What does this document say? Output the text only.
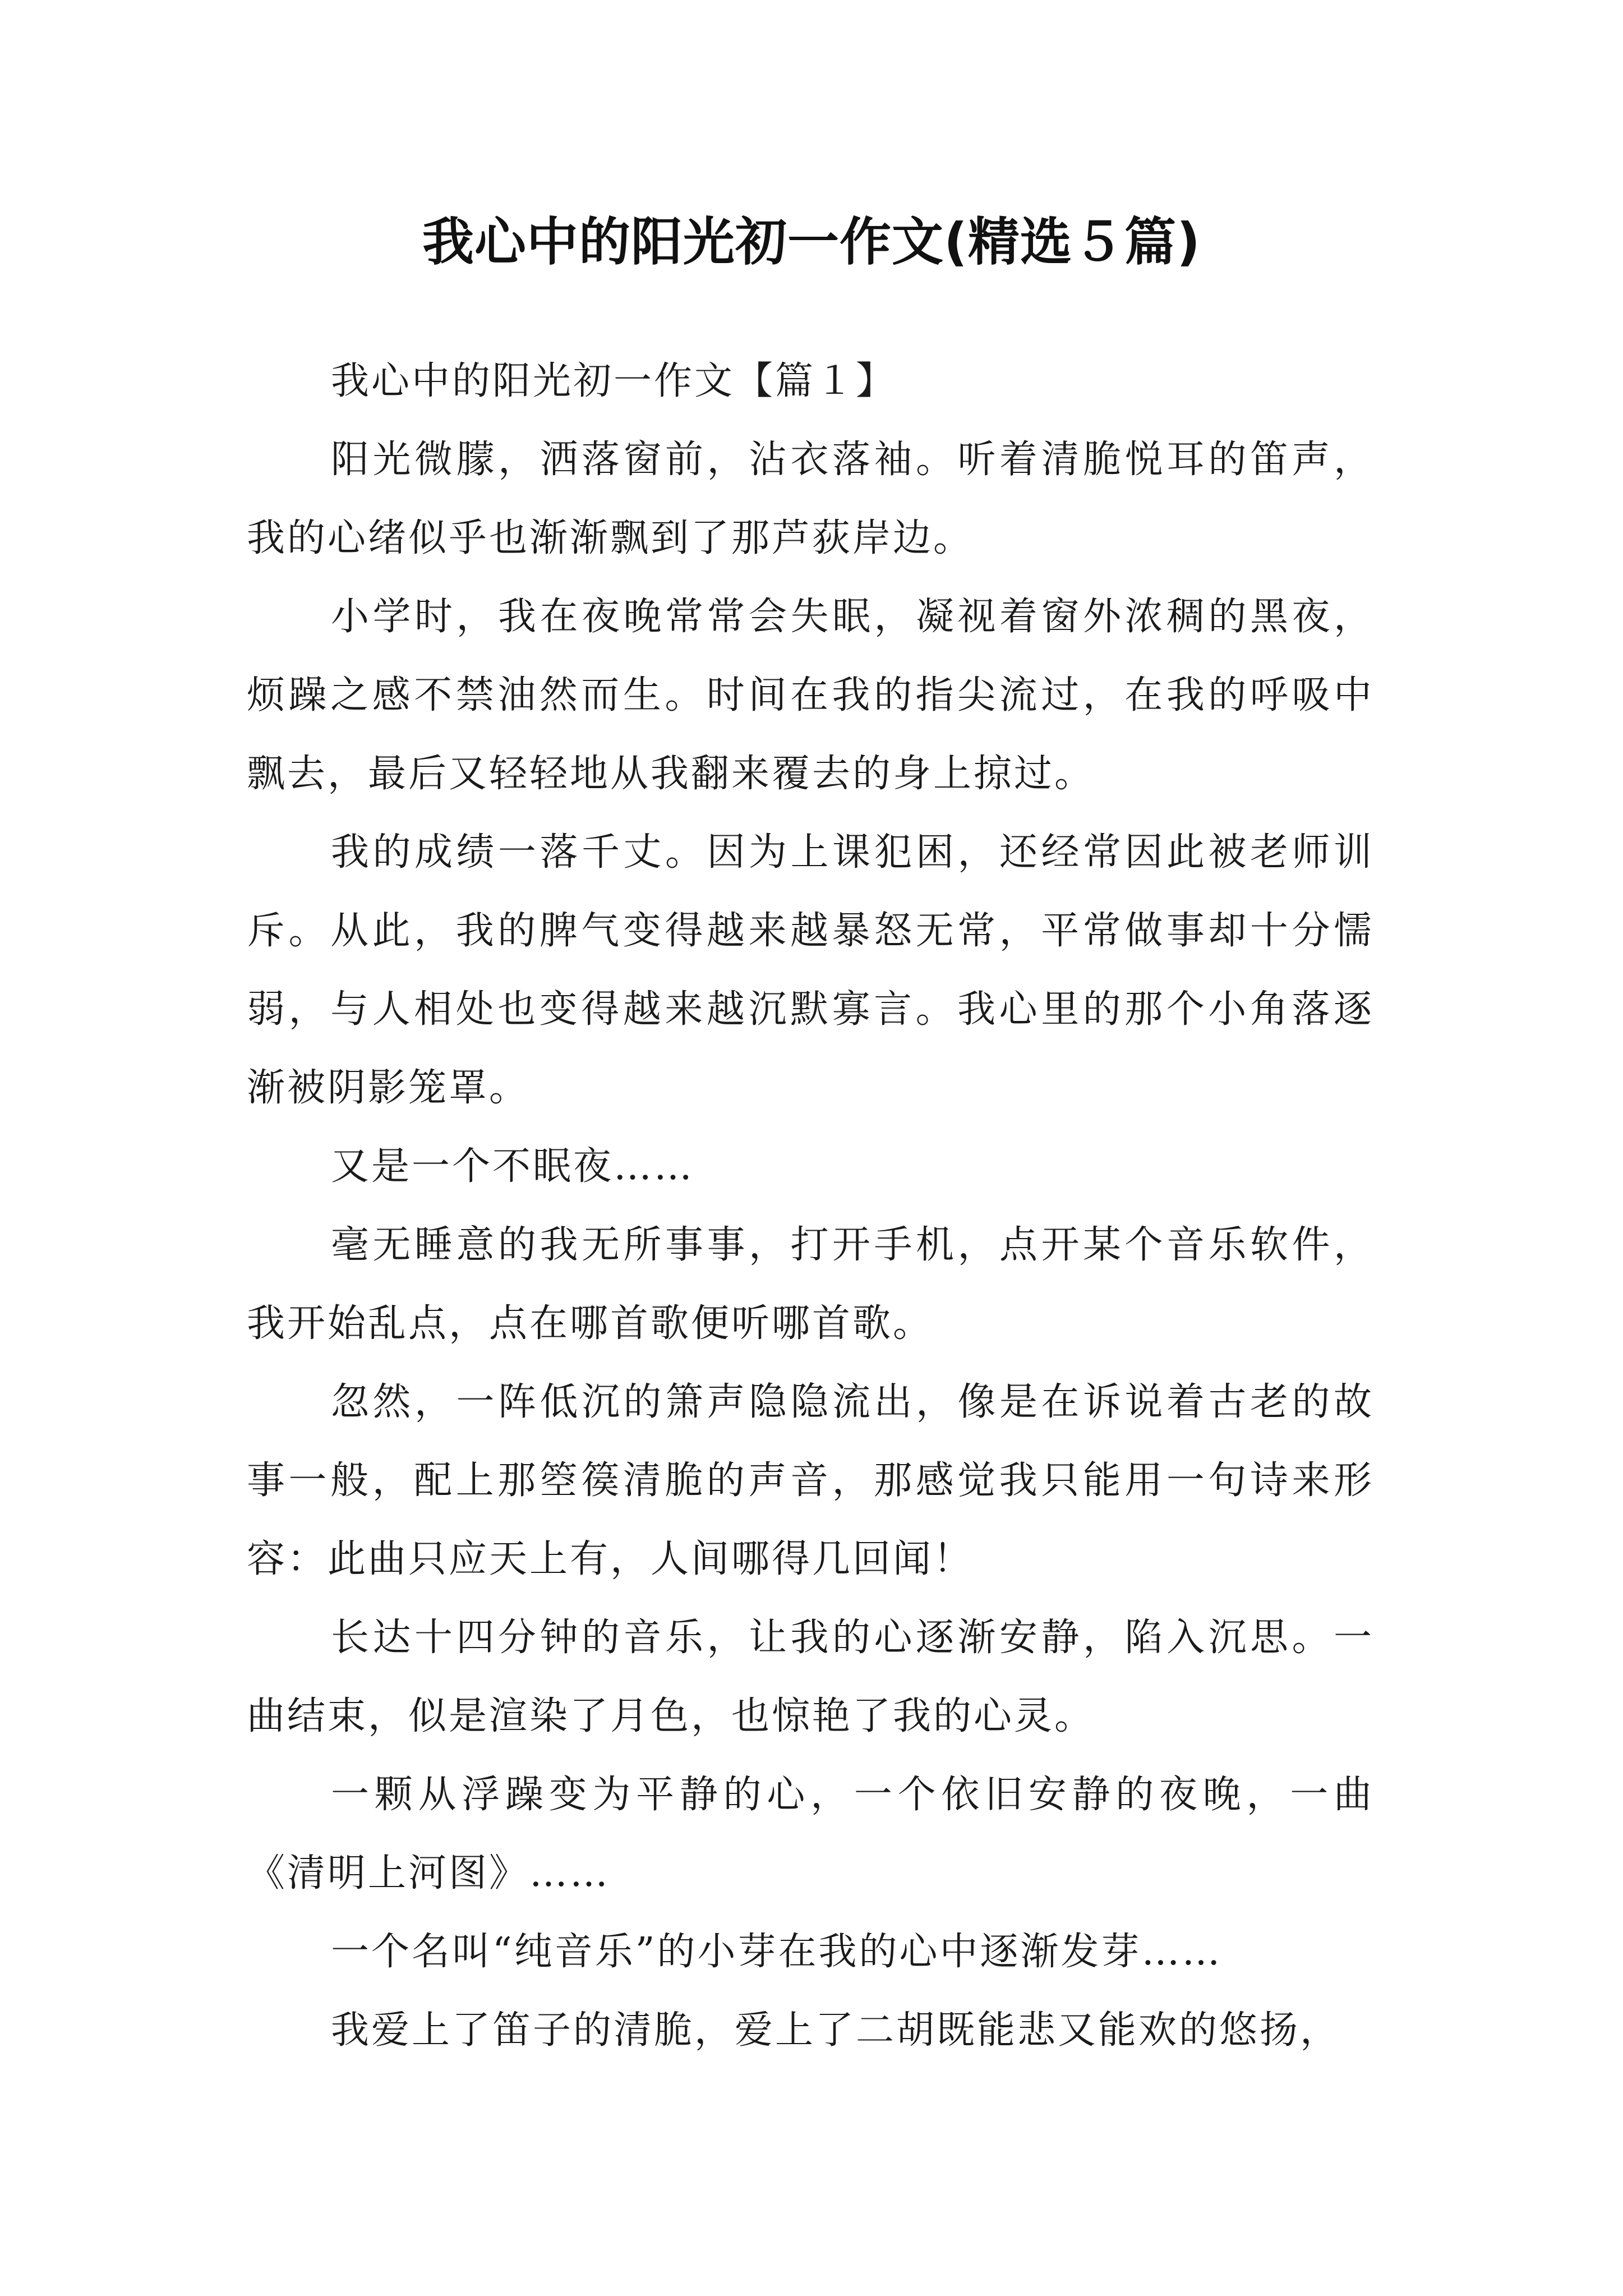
我心中的阳光初一作文(精选５篇)

我心中的阳光初一作文【篇１】

阳光微朦，洒落窗前，沾衣落袖。听着清脆悦耳的笛声，我的心绪似乎也渐渐飘到了那芦荻岸边。

小学时，我在夜晚常常会失眠，凝视着窗外浓稠的黑夜，烦躁之感不禁油然而生。时间在我的指尖流过，在我的呼吸中飘去，最后又轻轻地从我翻来覆去的身上掠过。

我的成绩一落千丈。因为上课犯困，还经常因此被老师训斥。从此，我的脾气变得越来越暴怒无常，平常做事却十分懦弱，与人相处也变得越来越沉默寡言。我心里的那个小角落逐渐被阴影笼罩。

又是一个不眠夜……

毫无睡意的我无所事事，打开手机，点开某个音乐软件，我开始乱点，点在哪首歌便听哪首歌。

忽然，一阵低沉的箫声隐隐流出，像是在诉说着古老的故事一般，配上那箜篌清脆的声音，那感觉我只能用一句诗来形容：此曲只应天上有，人间哪得几回闻！

长达十四分钟的音乐，让我的心逐渐安静，陷入沉思。一曲结束，似是渲染了月色，也惊艳了我的心灵。

一颗从浮躁变为平静的心，一个依旧安静的夜晚，一曲《清明上河图》……

一个名叫“纯音乐”的小芽在我的心中逐渐发芽……

我爱上了笛子的清脆，爱上了二胡既能悲又能欢的悠扬，
